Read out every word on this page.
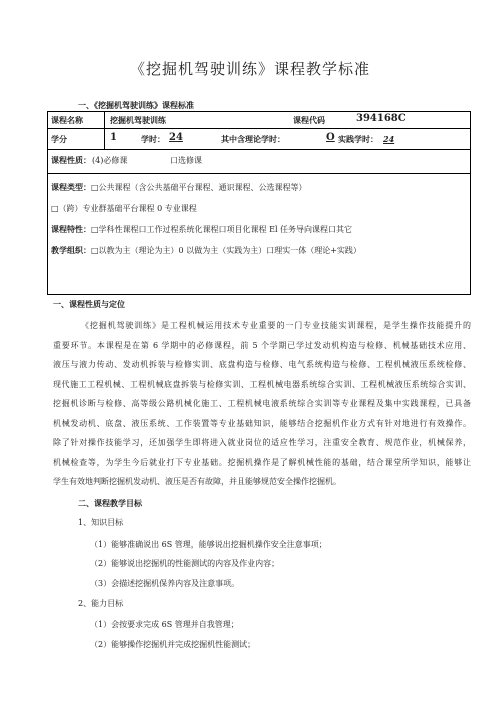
《挖掘机驾驶训练》课程教学标准
一、《挖掘机驾驶训练》课程标准
课程名称	挖掘机驾驶训练	课程代码	394168C
学分	1	学时： 24	其中含理论学时：	O 实践学时： 24
课程性质： (4)必修课	口选修课
课程类型：□公共课程（含公共基础平台课程、通识课程、公选课程等）
□（跨）专业群基础平台课程 0 专业课程
课程特性：□学科性课程口工作过程系统化课程口项目化课程 El 任务导向课程口其它
教学组织：□以教为主（理论为主）0 以做为主（实践为主）口理实一体（理论+实践）
一、课程性质与定位

《挖掘机驾驶训练》是工程机械运用技术专业重要的一门专业技能实训课程，是学生操作技能提升的

重要环节。本课程是在第 6 学期中的必修课程，前 5 个学期已学过发动机构造与检修、机械基础技术应用、

液压与液力传动、发动机拆装与检修实训、底盘构造与检修、电气系统构造与检修、工程机械液压系统检修、

现代施工工程机械、工程机械底盘拆装与检修实训、工程机械电器系统综合实训、工程机械液压系统综合实训、

挖掘机诊断与检修、高等级公路机械化施工、工程机械电液系统综合实训等专业课程及集中实践课程，已具备

机械发动机、底盘、液压系统、工作装置等专业基础知识，能够结合挖掘机作业方式有针对地进行有效操作。

除了针对操作技能学习，还加强学生即将进入就业岗位的适应性学习，注重安全教育、规范作业，机械保养，

机械检查等，为学生今后就业打下专业基础。挖掘机操作是了解机械性能的基础，结合课堂所学知识，能够让

学生有效地判断挖掘机发动机、液压是否有故障，并且能够规范安全操作挖掘机。

二、课程教学目标
1、知识目标
（1）能够准确说出 6S 管理，能够说出挖掘机操作安全注意事项；
（2）能够说出挖掘机的性能测试的内容及作业内容；
（3）会描述挖掘机保养内容及注意事项。
2、能力目标
（1）会按要求完成 6S 管理并自我管理；
（2）能够操作挖掘机并完成挖掘机性能测试；
